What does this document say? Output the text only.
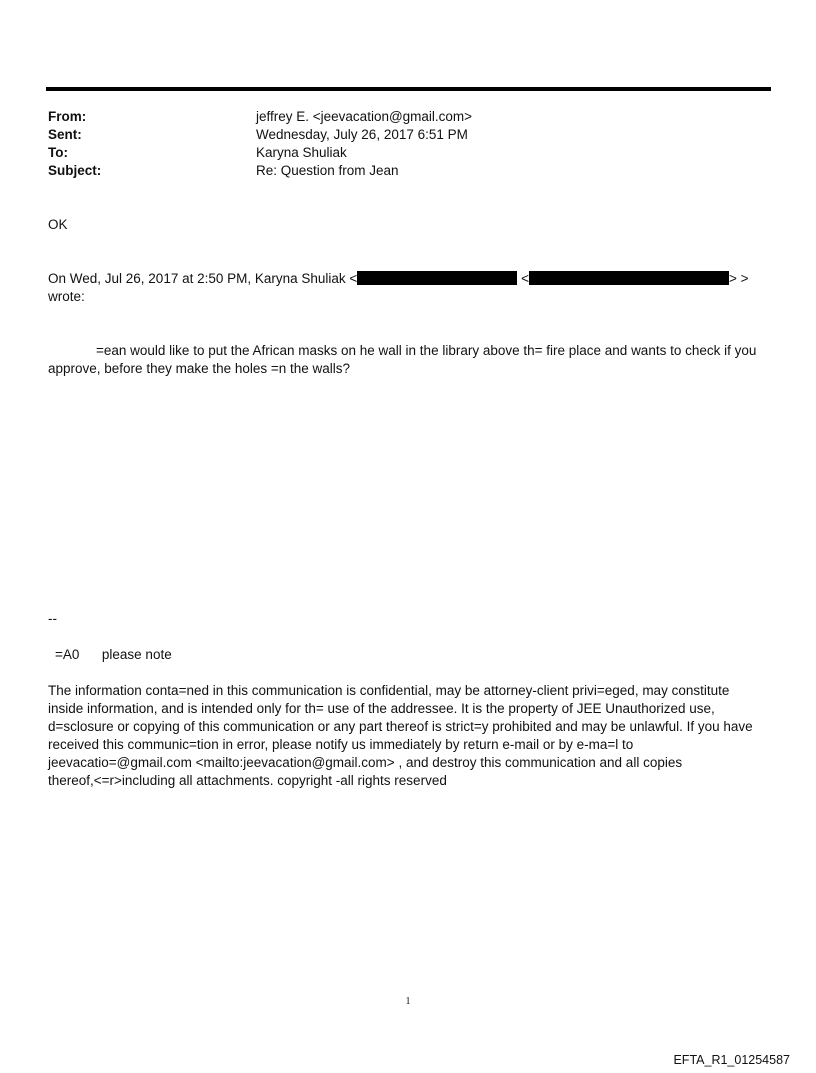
From:	jeffrey E. <jeevacation@gmail.com>
Sent:	Wednesday, July 26, 2017 6:51 PM
To:	Karyna Shuliak
Subject:	Re: Question from Jean
OK
On Wed, Jul 26, 2017 at 2:50 PM, Karyna Shuliak <	<	> >
wrote:
=ean would like to put the African masks on he wall in the library above th= fire place and wants to check if you
approve, before they make the holes =n the walls?
--
=A0      please note
The information conta=ned in this communication is confidential, may be attorney-client privi=eged, may constitute
inside information, and is intended only for th= use of the addressee. It is the property of JEE Unauthorized use,
d=sclosure or copying of this communication or any part thereof is strict=y prohibited and may be unlawful. If you have
received this communic=tion in error, please notify us immediately by return e-mail or by e-ma=l to
jeevacatio=@gmail.com <mailto:jeevacation@gmail.com> , and destroy this communication and all copies
thereof,<=r>including all attachments. copyright -all rights reserved
1
EFTA_R1_01254587
